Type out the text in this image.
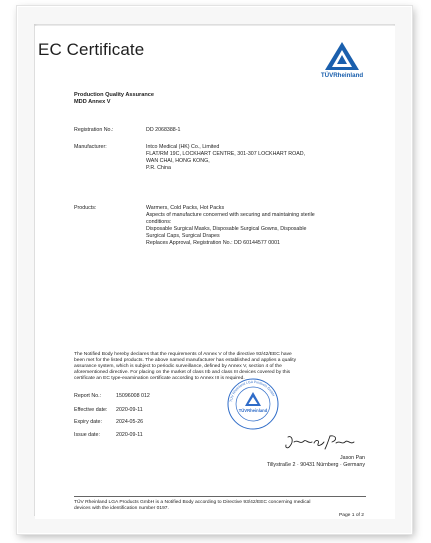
EC Certificate
Production Quality Assurance
MDD Annex V
TÜVRheinland
Registration No.:	DD 2068388-1
Manufacturer:	Intco Medical (HK) Co., Limited
FLAT/RM 19C, LOCKHART CENTRE, 301-307 LOCKHART ROAD,
WAN CHAI, HONG KONG,
P.R. China
Products:	Warmers, Cold Packs, Hot Packs
Aspects of manufacture concerned with securing and maintaining sterile
conditions:
Disposable Surgical Masks, Disposable Surgical Gowns, Disposable
Surgical Caps, Surgical Drapes
Replaces Approval, Registration No.: DD 60144577 0001
The Notified Body hereby declares that the requirements of Annex V of the directive 93/42/EEC have
been met for the listed products. The above named manufacturer has established and applies a quality
assurance system, which is subject to periodic surveillance, defined by Annex V, section 4 of the
aforementioned directive. For placing on the market of class IIb and class III devices covered by this
certificate an EC type-examination certificate according to Annex III is required.
Report No.:	15096008 012
Effective date: 2020-09-11
Expiry date:	2024-05-26
Issue date:	2020-09-11
TÜVRheinland
TÜV Rheinland LGA Products GmbH
Jason Pan
Tillystraße 2 · 90431 Nürnberg · Germany
TÜV Rheinland LGA Products GmbH is a Notified Body according to Directive 93/42/EEC concerning medical
devices with the identification number 0197.
Page 1 of 2
